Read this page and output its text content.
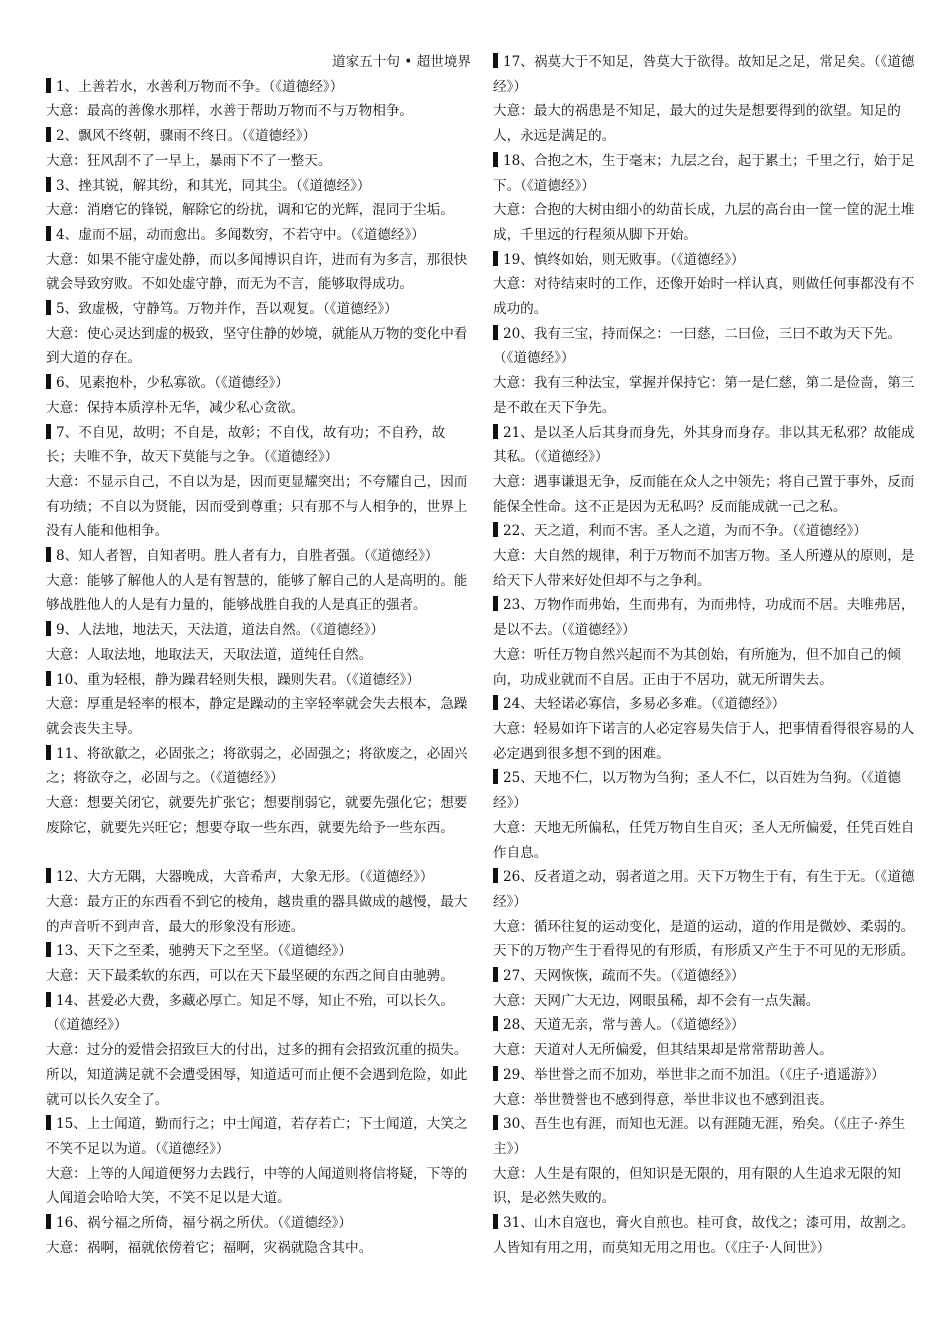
道家五十句 • 超世境界
1、上善若水，水善利万物而不争。（《道德经》）
大意：最高的善像水那样，水善于帮助万物而不与万物相争。
2、飘风不终朝，骤雨不终日。（《道德经》）
大意：狂风刮不了一早上，暴雨下不了一整天。
3、挫其锐，解其纷，和其光，同其尘。（《道德经》）
大意：消磨它的锋锐，解除它的纷扰，调和它的光辉，混同于尘垢。
4、虚而不屈，动而愈出。多闻数穷，不若守中。（《道德经》）
大意：如果不能守虚处静，而以多闻博识自许，进而有为多言，那很快就会导致穷败。不如处虚守静，而无为不言，能够取得成功。
5、致虚极，守静笃。万物并作，吾以观复。（《道德经》）
大意：使心灵达到虚的极致，坚守住静的妙境，就能从万物的变化中看到大道的存在。
6、见素抱朴，少私寡欲。（《道德经》）
大意：保持本质淳朴无华，减少私心贪欲。
7、不自见，故明；不自是，故彰；不自伐，故有功；不自矜，故长；夫唯不争，故天下莫能与之争。（《道德经》）
大意：不显示自己，不自以为是，因而更显耀突出；不夸耀自己，因而有功绩；不自以为贤能，因而受到尊重；只有那不与人相争的，世界上没有人能和他相争。
8、知人者智，自知者明。胜人者有力，自胜者强。（《道德经》）
大意：能够了解他人的人是有智慧的，能够了解自己的人是高明的。能够战胜他人的人是有力量的，能够战胜自我的人是真正的强者。
9、人法地，地法天，天法道，道法自然。（《道德经》）
大意：人取法地，地取法天，天取法道，道纯任自然。
10、重为轻根，静为躁君轻则失根，躁则失君。（《道德经》）
大意：厚重是轻率的根本，静定是躁动的主宰轻率就会失去根本，急躁就会丧失主导。
11、将欲歙之，必固张之；将欲弱之，必固强之；将欲废之，必固兴之；将欲夺之，必固与之。（《道德经》）
大意：想要关闭它，就要先扩张它；想要削弱它，就要先强化它；想要废除它，就要先兴旺它；想要夺取一些东西，就要先给予一些东西。
12、大方无隅，大器晚成，大音希声，大象无形。（《道德经》）
大意：最方正的东西看不到它的棱角，越贵重的器具做成的越慢，最大的声音听不到声音，最大的形象没有形迹。
13、天下之至柔，驰骋天下之至坚。（《道德经》）
大意：天下最柔软的东西，可以在天下最坚硬的东西之间自由驰骋。
14、甚爱必大费，多藏必厚亡。知足不辱，知止不殆，可以长久。（《道德经》）
大意：过分的爱惜会招致巨大的付出，过多的拥有会招致沉重的损失。所以，知道满足就不会遭受困辱，知道适可而止便不会遇到危险，如此就可以长久安全了。
15、上士闻道，勤而行之；中士闻道，若存若亡；下士闻道，大笑之不笑不足以为道。（《道德经》）
大意：上等的人闻道便努力去践行，中等的人闻道则将信将疑，下等的人闻道会哈哈大笑，不笑不足以是大道。
16、祸兮福之所倚，福兮祸之所伏。（《道德经》）
大意：祸啊，福就依傍着它；福啊，灾祸就隐含其中。
17、祸莫大于不知足，咎莫大于欲得。故知足之足，常足矣。（《道德经》）
大意：最大的祸患是不知足，最大的过失是想要得到的欲望。知足的人，永远是满足的。
18、合抱之木，生于毫末；九层之台，起于累土；千里之行，始于足下。（《道德经》）
大意：合抱的大树由细小的幼苗长成，九层的高台由一筐一筐的泥土堆成，千里远的行程须从脚下开始。
19、慎终如始，则无败事。（《道德经》）
大意：对待结束时的工作，还像开始时一样认真，则做任何事都没有不成功的。
20、我有三宝，持而保之：一曰慈，二曰俭，三曰不敢为天下先。（《道德经》）
大意：我有三种法宝，掌握并保持它：第一是仁慈，第二是俭啬，第三是不敢在天下争先。
21、是以圣人后其身而身先，外其身而身存。非以其无私邪？故能成其私。（《道德经》）
大意：遇事谦退无争，反而能在众人之中领先；将自己置于事外，反而能保全性命。这不正是因为无私吗？反而能成就一己之私。
22、天之道，利而不害。圣人之道，为而不争。（《道德经》）
大意：大自然的规律，利于万物而不加害万物。圣人所遵从的原则，是给天下人带来好处但却不与之争利。
23、万物作而弗始，生而弗有，为而弗恃，功成而不居。夫唯弗居，是以不去。（《道德经》）
大意：听任万物自然兴起而不为其创始，有所施为，但不加自己的倾向，功成业就而不自居。正由于不居功，就无所谓失去。
24、夫轻诺必寡信，多易必多难。（《道德经》）
大意：轻易如许下诺言的人必定容易失信于人，把事情看得很容易的人必定遇到很多想不到的困难。
25、天地不仁，以万物为刍狗；圣人不仁，以百姓为刍狗。（《道德经》）
大意：天地无所偏私，任凭万物自生自灭；圣人无所偏爱，任凭百姓自作自息。
26、反者道之动，弱者道之用。天下万物生于有，有生于无。（《道德经》）
大意：循环往复的运动变化，是道的运动，道的作用是微妙、柔弱的。天下的万物产生于看得见的有形质，有形质又产生于不可见的无形质。
27、天网恢恢，疏而不失。（《道德经》）
大意：天网广大无边，网眼虽稀，却不会有一点失漏。
28、天道无亲，常与善人。（《道德经》）
大意：天道对人无所偏爱，但其结果却是常常帮助善人。
29、举世誉之而不加劝，举世非之而不加沮。（《庄子·逍遥游》）
大意：举世赞誉也不感到得意，举世非议也不感到沮丧。
30、吾生也有涯，而知也无涯。以有涯随无涯，殆矣。（《庄子·养生主》）
大意：人生是有限的，但知识是无限的，用有限的人生追求无限的知识，是必然失败的。
31、山木自寇也，膏火自煎也。桂可食，故伐之；漆可用，故割之。人皆知有用之用，而莫知无用之用也。（《庄子·人间世》）
